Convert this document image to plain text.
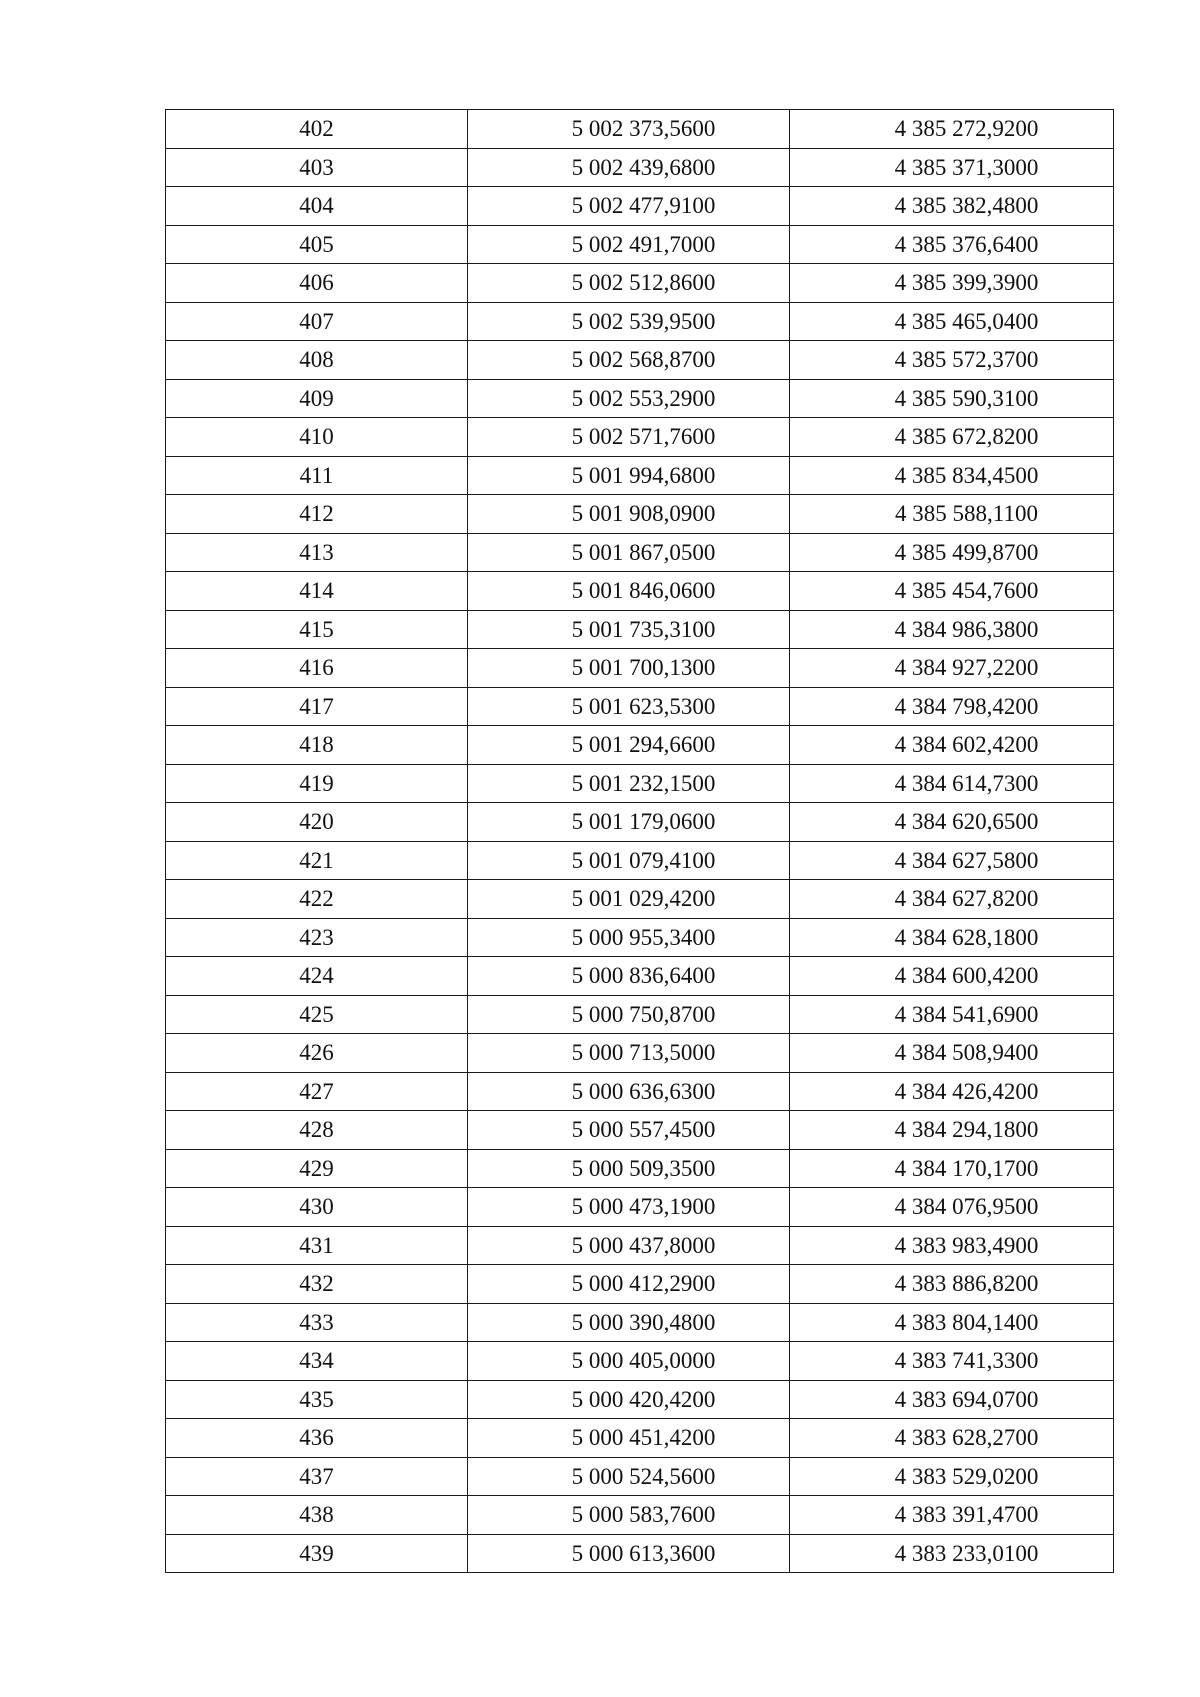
402	5 002 373,5600	4 385 272,9200
403	5 002 439,6800	4 385 371,3000
404	5 002 477,9100	4 385 382,4800
405	5 002 491,7000	4 385 376,6400
406	5 002 512,8600	4 385 399,3900
407	5 002 539,9500	4 385 465,0400
408	5 002 568,8700	4 385 572,3700
409	5 002 553,2900	4 385 590,3100
410	5 002 571,7600	4 385 672,8200
411	5 001 994,6800	4 385 834,4500
412	5 001 908,0900	4 385 588,1100
413	5 001 867,0500	4 385 499,8700
414	5 001 846,0600	4 385 454,7600
415	5 001 735,3100	4 384 986,3800
416	5 001 700,1300	4 384 927,2200
417	5 001 623,5300	4 384 798,4200
418	5 001 294,6600	4 384 602,4200
419	5 001 232,1500	4 384 614,7300
420	5 001 179,0600	4 384 620,6500
421	5 001 079,4100	4 384 627,5800
422	5 001 029,4200	4 384 627,8200
423	5 000 955,3400	4 384 628,1800
424	5 000 836,6400	4 384 600,4200
425	5 000 750,8700	4 384 541,6900
426	5 000 713,5000	4 384 508,9400
427	5 000 636,6300	4 384 426,4200
428	5 000 557,4500	4 384 294,1800
429	5 000 509,3500	4 384 170,1700
430	5 000 473,1900	4 384 076,9500
431	5 000 437,8000	4 383 983,4900
432	5 000 412,2900	4 383 886,8200
433	5 000 390,4800	4 383 804,1400
434	5 000 405,0000	4 383 741,3300
435	5 000 420,4200	4 383 694,0700
436	5 000 451,4200	4 383 628,2700
437	5 000 524,5600	4 383 529,0200
438	5 000 583,7600	4 383 391,4700
439	5 000 613,3600	4 383 233,0100
